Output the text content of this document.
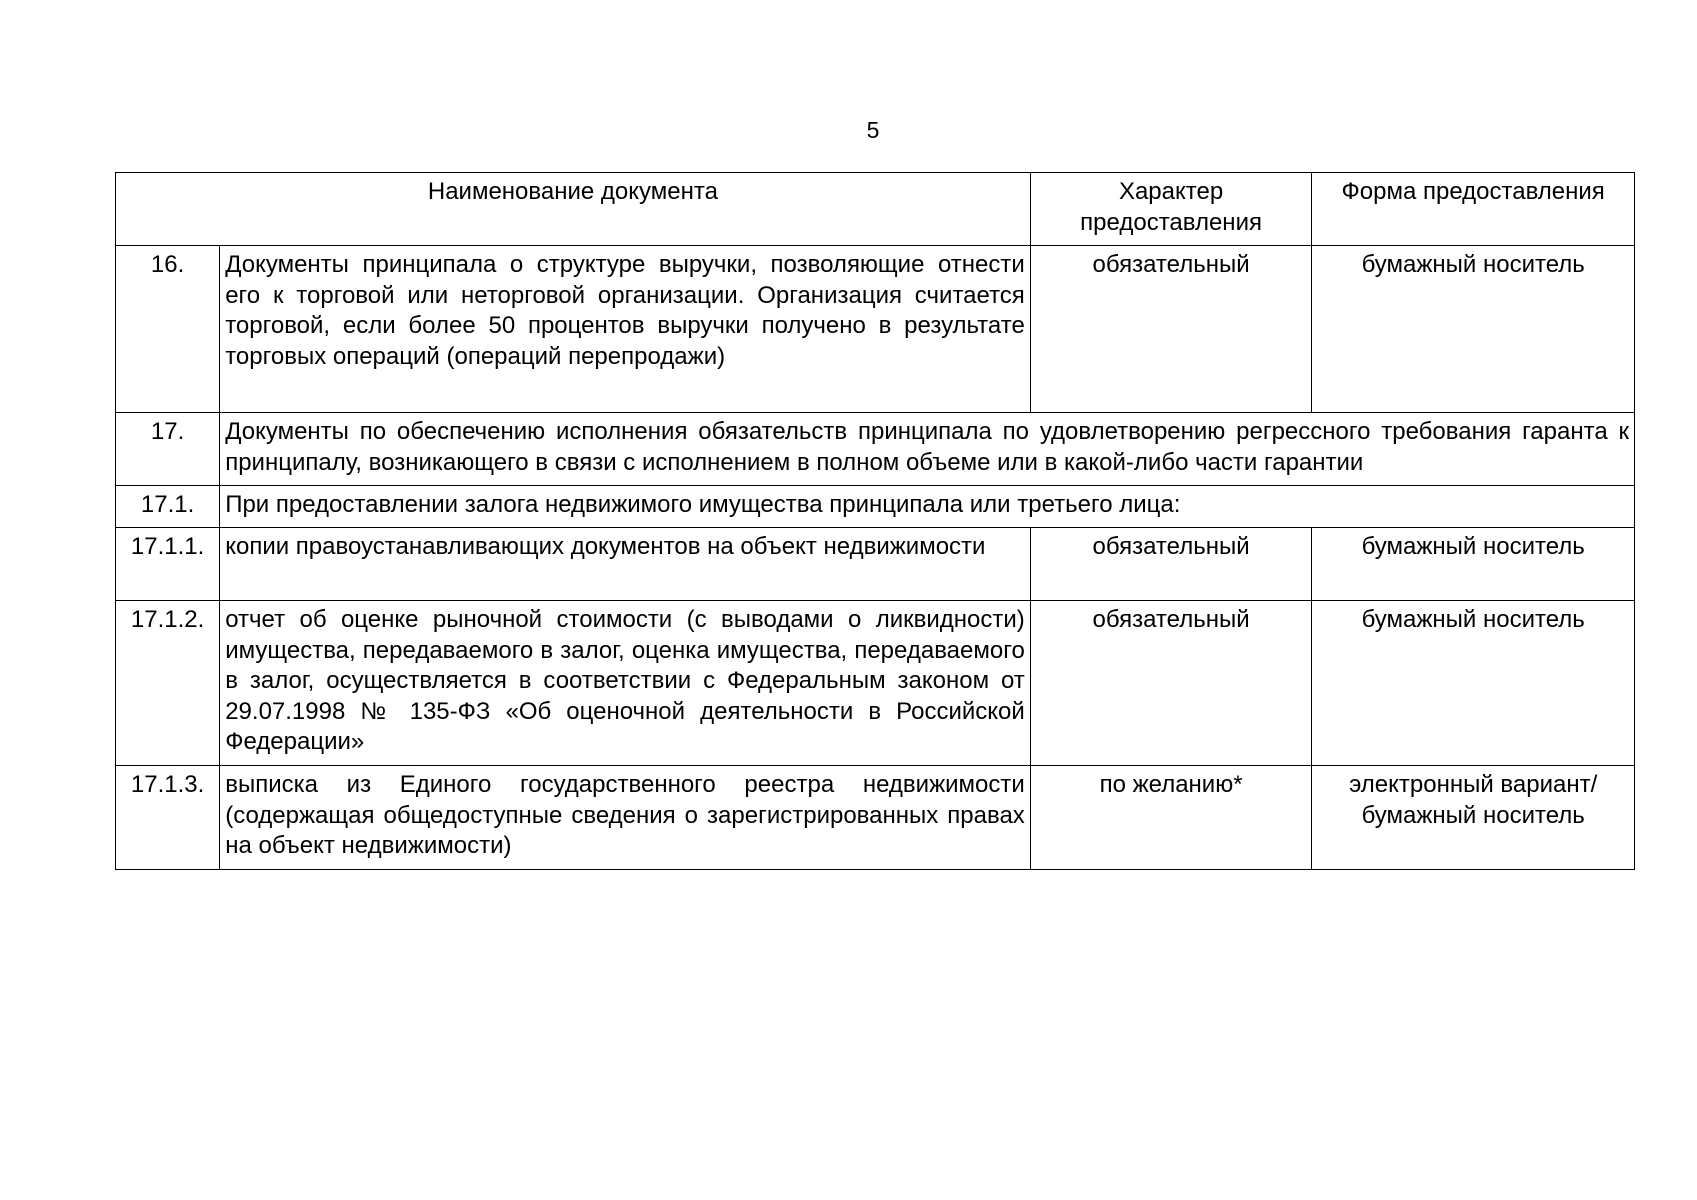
5
Наименование документа		Характер предоставления	Форма предоставления
16.	Документы принципала о структуре выручки, позволяющие отнести его к торговой или неторговой организации. Организация считается торговой, если более 50 процентов выручки получено в результате торговых операций (операций перепродажи)	обязательный	бумажный носитель
17.	Документы по обеспечению исполнения обязательств принципала по удовлетворению регрессного требования гаранта к принципалу, возникающего в связи с исполнением в полном объеме или в какой-либо части гарантии		
17.1.	При предоставлении залога недвижимого имущества принципала или третьего лица:		
17.1.1.	копии правоустанавливающих документов на объект недвижимости	обязательный	бумажный носитель
17.1.2.	отчет об оценке рыночной стоимости (с выводами о ликвидности) имущества, передаваемого в залог, оценка имущества, передаваемого в залог, осуществляется в соответствии с Федеральным законом от 29.07.1998 № 135-ФЗ «Об оценочной деятельности в Российской Федерации»	обязательный	бумажный носитель
17.1.3.	выписка из Единого государственного реестра недвижимости (содержащая общедоступные сведения о зарегистрированных правах на объект недвижимости)	по желанию*	электронный вариант/ бумажный носитель
